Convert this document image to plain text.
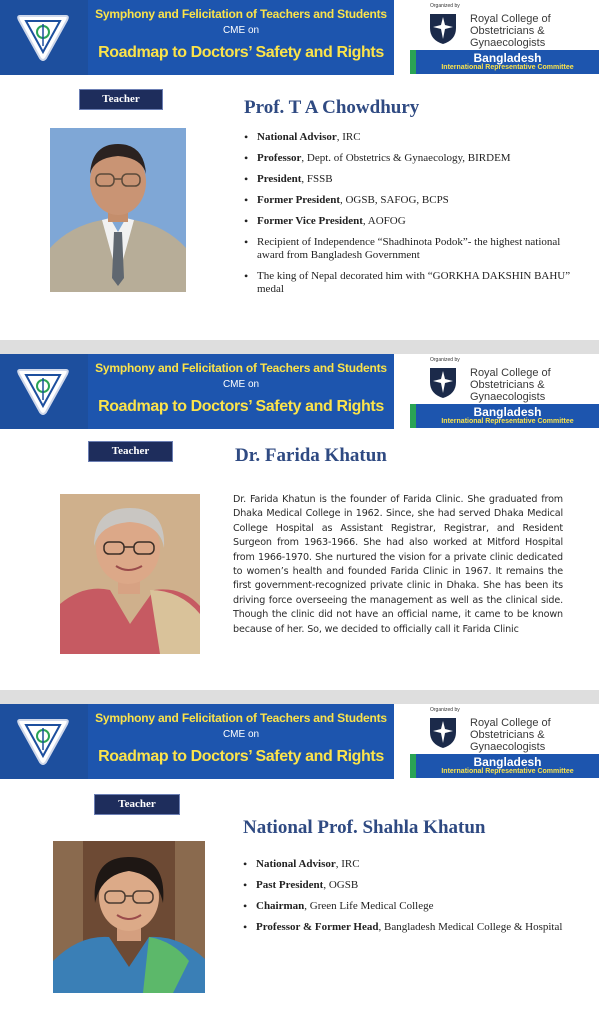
Symphony and Felicitation of Teachers and Students
CME on
Roadmap to Doctors’ Safety and Rights
Organized by
Royal College of
Obstetricians &
Gynaecologists
Bangladesh
International Representative Committee
Teacher	Prof. T A Chowdhury
• National Advisor, IRC
• Professor, Dept. of Obstetrics & Gynaecology, BIRDEM
• President, FSSB
• Former President, OGSB, SAFOG, BCPS
• Former Vice President, AOFOG
• Recipient of Independence “Shadhinota Podok”- the highest national award from Bangladesh Government
• The king of Nepal decorated him with “GORKHA DAKSHIN BAHU” medal
Symphony and Felicitation of Teachers and Students
CME on
Roadmap to Doctors’ Safety and Rights
Organized by
Royal College of
Obstetricians &
Gynaecologists
Bangladesh
International Representative Committee
Teacher	Dr. Farida Khatun
Dr. Farida Khatun is the founder of Farida Clinic. She graduated from Dhaka Medical College in 1962. Since, she had served Dhaka Medical College Hospital as Assistant Registrar, Registrar, and Resident Surgeon from 1963-1966. She had also worked at Mitford Hospital from 1966-1970. She nurtured the vision for a private clinic dedicated to women’s health and founded Farida Clinic in 1967. It remains the first government-recognized private clinic in Dhaka. She has been its driving force overseeing the management as well as the clinical side. Though the clinic did not have an official name, it came to be known because of her. So, we decided to officially call it Farida Clinic
Symphony and Felicitation of Teachers and Students
CME on
Roadmap to Doctors’ Safety and Rights
Organized by
Royal College of
Obstetricians &
Gynaecologists
Bangladesh
International Representative Committee
Teacher
National Prof. Shahla Khatun
• National Advisor, IRC
• Past President, OGSB
• Chairman, Green Life Medical College
• Professor & Former Head, Bangladesh Medical College & Hospital
